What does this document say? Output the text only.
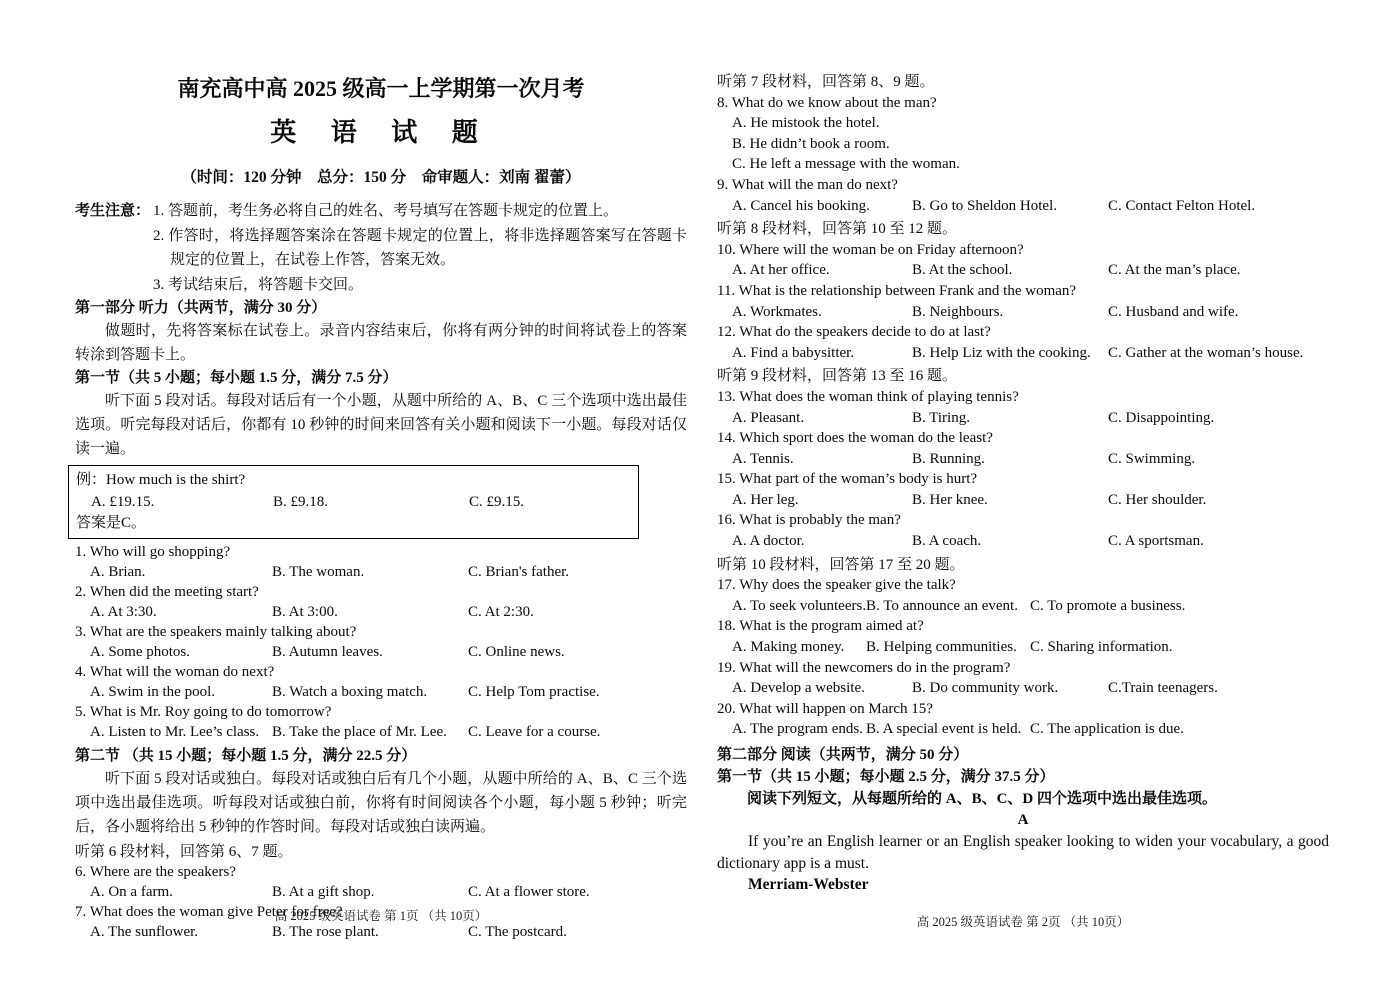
南充高中高 2025 级高一上学期第一次月考
英 语 试 题
（时间：120 分钟　总分：150 分　命审题人：刘南 翟蕾）
考生注意： 1. 答题前，考生务必将自己的姓名、考号填写在答题卡规定的位置上。

2. 作答时，将选择题答案涂在答题卡规定的位置上，将非选择题答案写在答题卡规定的位置上，在试卷上作答，答案无效。

3. 考试结束后，将答题卡交回。

第一部分 听力（共两节，满分 30 分）

做题时，先将答案标在试卷上。录音内容结束后，你将有两分钟的时间将试卷上的答案转涂到答题卡上。

第一节（共 5 小题；每小题 1.5 分，满分 7.5 分）

听下面 5 段对话。每段对话后有一个小题，从题中所给的 A、B、C 三个选项中选出最佳选项。听完每段对话后，你都有 10 秒钟的时间来回答有关小题和阅读下一小题。每段对话仅读一遍。

例：How much is the shirt?

A. £19.15.	B. £9.18.	C. £9.15.

答案是C。

1. Who will go shopping?

A. Brian.	B. The woman.	C. Brian's father.

2. When did the meeting start?

A. At 3:30.	B. At 3:00.	C. At 2:30.

3. What are the speakers mainly talking about?

A. Some photos.	B. Autumn leaves.	C. Online news.

4. What will the woman do next?

A. Swim in the pool.	B. Watch a boxing match.	C. Help Tom practise.

5. What is Mr. Roy going to do tomorrow?

A. Listen to Mr. Lee’s class. B. Take the place of Mr. Lee.	C. Leave for a course.

第二节 （共 15 小题；每小题 1.5 分，满分 22.5 分）

听下面 5 段对话或独白。每段对话或独白后有几个小题，从题中所给的 A、B、C 三个选项中选出最佳选项。听每段对话或独白前，你将有时间阅读各个小题，每小题 5 秒钟；听完后，各小题将给出 5 秒钟的作答时间。每段对话或独白读两遍。

听第 6 段材料，回答第 6、7 题。

6. Where are the speakers?

A. On a farm.	B. At a gift shop.	C. At a flower store.

7. What does the woman give Peter for free?

A. The sunflower.	B. The rose plant.	C. The postcard.

听第 7 段材料，回答第 8、9 题。

8. What do we know about the man?

A. He mistook the hotel.

B. He didn’t book a room.

C. He left a message with the woman.

9. What will the man do next?

A. Cancel his booking.	B. Go to Sheldon Hotel.	C. Contact Felton Hotel.

听第 8 段材料，回答第 10 至 12 题。

10. Where will the woman be on Friday afternoon?

A. At her office.	B. At the school.	C. At the man’s place.

11. What is the relationship between Frank and the woman?

A. Workmates.	B. Neighbours.	C. Husband and wife.

12. What do the speakers decide to do at last?

A. Find a babysitter.	B. Help Liz with the cooking.	C. Gather at the woman’s house.

听第 9 段材料，回答第 13 至 16 题。

13. What does the woman think of playing tennis?

A. Pleasant.	B. Tiring.	C. Disappointing.

14. Which sport does the woman do the least?

A. Tennis.	B. Running.	C. Swimming.

15. What part of the woman’s body is hurt?

A. Her leg.	B. Her knee.	C. Her shoulder.

16. What is probably the man?

A. A doctor.	B. A coach.	C. A sportsman.

听第 10 段材料，回答第 17 至 20 题。

17. Why does the speaker give the talk?

A. To seek volunteers. B. To announce an event. C. To promote a business.

18. What is the program aimed at?

A. Making money.	B. Helping communities. C. Sharing information.

19. What will the newcomers do in the program?

A. Develop a website.	B. Do community work.	C.Train teenagers.

20. What will happen on March 15?

A. The program ends. B. A special event is held. C. The application is due.

第二部分 阅读（共两节，满分 50 分）

第一节（共 15 小题；每小题 2.5 分，满分 37.5 分）

阅读下列短文，从每题所给的 A、B、C、D 四个选项中选出最佳选项。

A

If you’re an English learner or an English speaker looking to widen your vocabulary, a good dictionary app is a must.

Merriam-Webster

高 2025 级英语试卷 第 1页 （共 10页）	高 2025 级英语试卷 第 2页 （共 10页）
